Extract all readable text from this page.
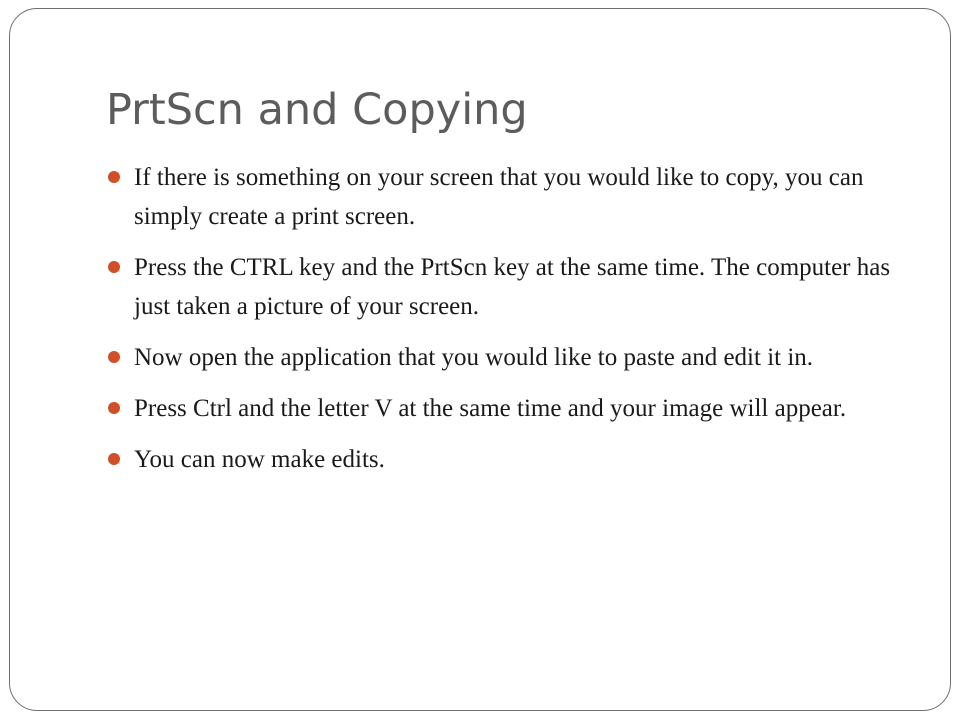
PrtScn and Copying
If there is something on your screen that you would like to copy, you can simply create a print screen.
Press the CTRL key and the PrtScn key at the same time. The computer has just taken a picture of your screen.
Now open the application that you would like to paste and edit it in.
Press Ctrl and the letter V at the same time and your image will appear.
You can now make edits.
